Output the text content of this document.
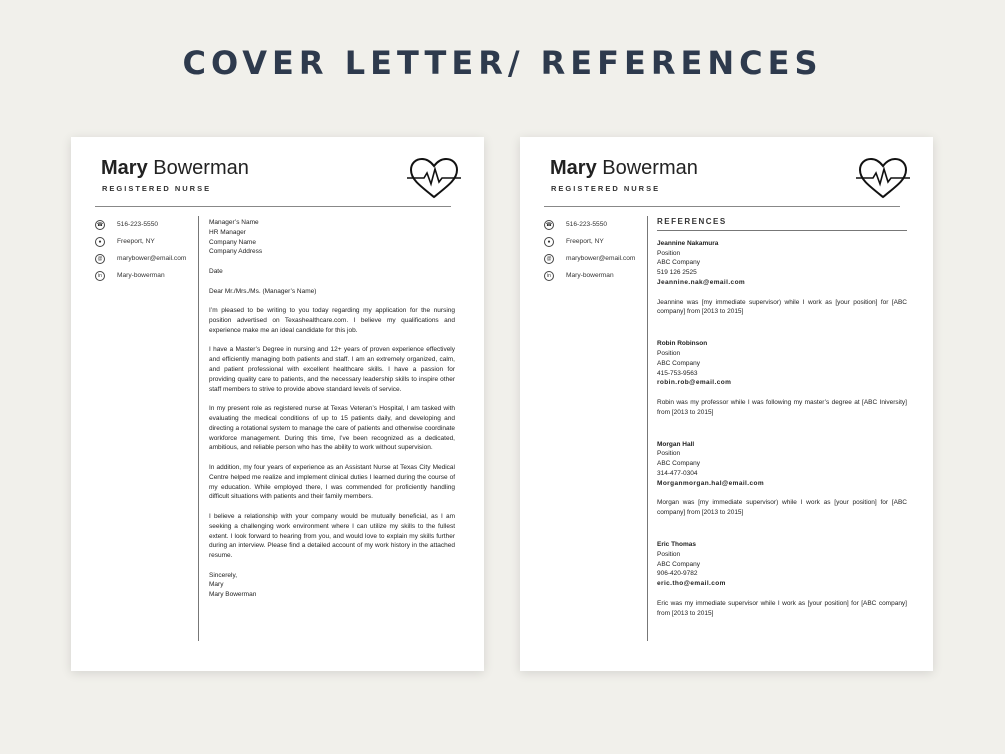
COVER LETTER/ REFERENCES
Mary Bowerman
REGISTERED NURSE
☎ 516-223-5550
●	Freeport, NY
@	marybower@email.com
in	Mary-bowerman

Manager’s Name

HR Manager

Company Name

Company Address

Date

Dear Mr./Mrs./Ms. (Manager’s Name)

I’m pleased to be writing to you today regarding my application for the nursing position advertised on Texashealthcare.com. I believe my qualifications and experience make me an ideal candidate for this job.

I have a Master’s Degree in nursing and 12+ years of proven experience effectively and efficiently managing both patients and staff. I am an extremely organized, calm, and patient professional with excellent healthcare skills. I have a passion for providing quality care to patients, and the necessary leadership skills to inspire other staff members to strive to provide above standard levels of service.

In my present role as registered nurse at Texas Veteran’s Hospital, I am tasked with evaluating the medical conditions of up to 15 patients daily, and developing and directing a rotational system to manage the care of patients and otherwise coordinate workforce management. During this time, I’ve been recognized as a dedicated, ambitious, and reliable person who has the ability to work without supervision.

In addition, my four years of experience as an Assistant Nurse at Texas City Medical Centre helped me realize and implement clinical duties I learned during the course of my education. While employed there, I was commended for proficiently handling difficult situations with patients and their family members.

I believe a relationship with your company would be mutually beneficial, as I am seeking a challenging work environment where I can utilize my skills to the fullest extent. I look forward to hearing from you, and would love to explain my skills further during an interview. Please find a detailed account of my work history in the attached resume.

Sincerely,

Mary

Mary Bowerman

Mary Bowerman
REGISTERED NURSE
☎ 516-223-5550
●	Freeport, NY
@	marybower@email.com
in	Mary-bowerman
REFERENCES
Jeannine Nakamura
Position
ABC Company
519 126 2525
Jeannine.nak@email.com
Jeannine was [my immediate supervisor) while I work as [your position] for [ABC company] from [2013 to 2015]
Robin Robinson
Position
ABC Company
415-753-9563
robin.rob@email.com
Robin was my professor while I was following my master’s degree at [ABC Iniversity] from [2013 to 2015]
Morgan Hall
Position
ABC Company
314-477-0304
Morganmorgan.hal@email.com
Morgan was [my immediate supervisor) while I work as [your position] for [ABC company] from [2013 to 2015]
Eric Thomas
Position
ABC Company
906-420-9782
eric.tho@email.com
Eric was my immediate supervisor while I work as [your position] for [ABC company] from [2013 to 2015]
